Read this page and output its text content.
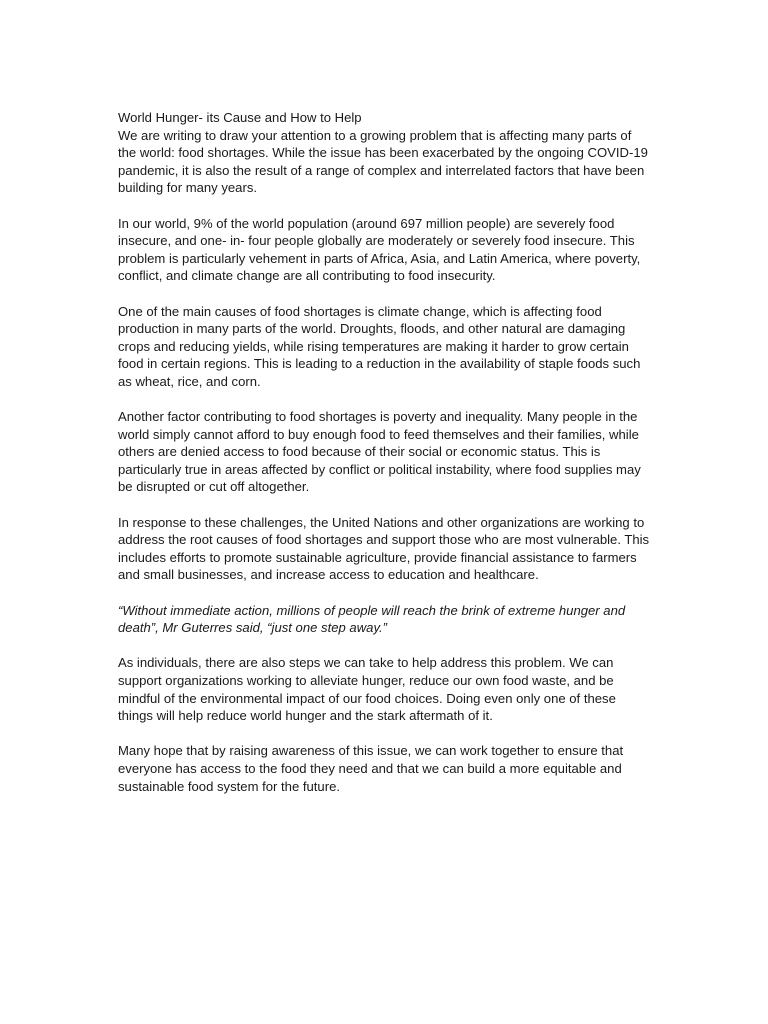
World Hunger- its Cause and How to Help

We are writing to draw your attention to a growing problem that is affecting many parts of the world: food shortages. While the issue has been exacerbated by the ongoing COVID-19 pandemic, it is also the result of a range of complex and interrelated factors that have been building for many years.

In our world, 9% of the world population (around 697 million people) are severely food insecure, and one- in- four people globally are moderately or severely food insecure. This problem is particularly vehement in parts of Africa, Asia, and Latin America, where poverty, conflict, and climate change are all contributing to food insecurity.

One of the main causes of food shortages is climate change, which is affecting food production in many parts of the world. Droughts, floods, and other natural are damaging crops and reducing yields, while rising temperatures are making it harder to grow certain food in certain regions. This is leading to a reduction in the availability of staple foods such as wheat, rice, and corn.

Another factor contributing to food shortages is poverty and inequality. Many people in the world simply cannot afford to buy enough food to feed themselves and their families, while others are denied access to food because of their social or economic status. This is particularly true in areas affected by conflict or political instability, where food supplies may be disrupted or cut off altogether.

In response to these challenges, the United Nations and other organizations are working to address the root causes of food shortages and support those who are most vulnerable. This includes efforts to promote sustainable agriculture, provide financial assistance to farmers and small businesses, and increase access to education and healthcare.

“Without immediate action, millions of people will reach the brink of extreme hunger and death”, Mr Guterres said, “just one step away.”

As individuals, there are also steps we can take to help address this problem. We can support organizations working to alleviate hunger, reduce our own food waste, and be mindful of the environmental impact of our food choices. Doing even only one of these things will help reduce world hunger and the stark aftermath of it.

Many hope that by raising awareness of this issue, we can work together to ensure that everyone has access to the food they need and that we can build a more equitable and sustainable food system for the future.
